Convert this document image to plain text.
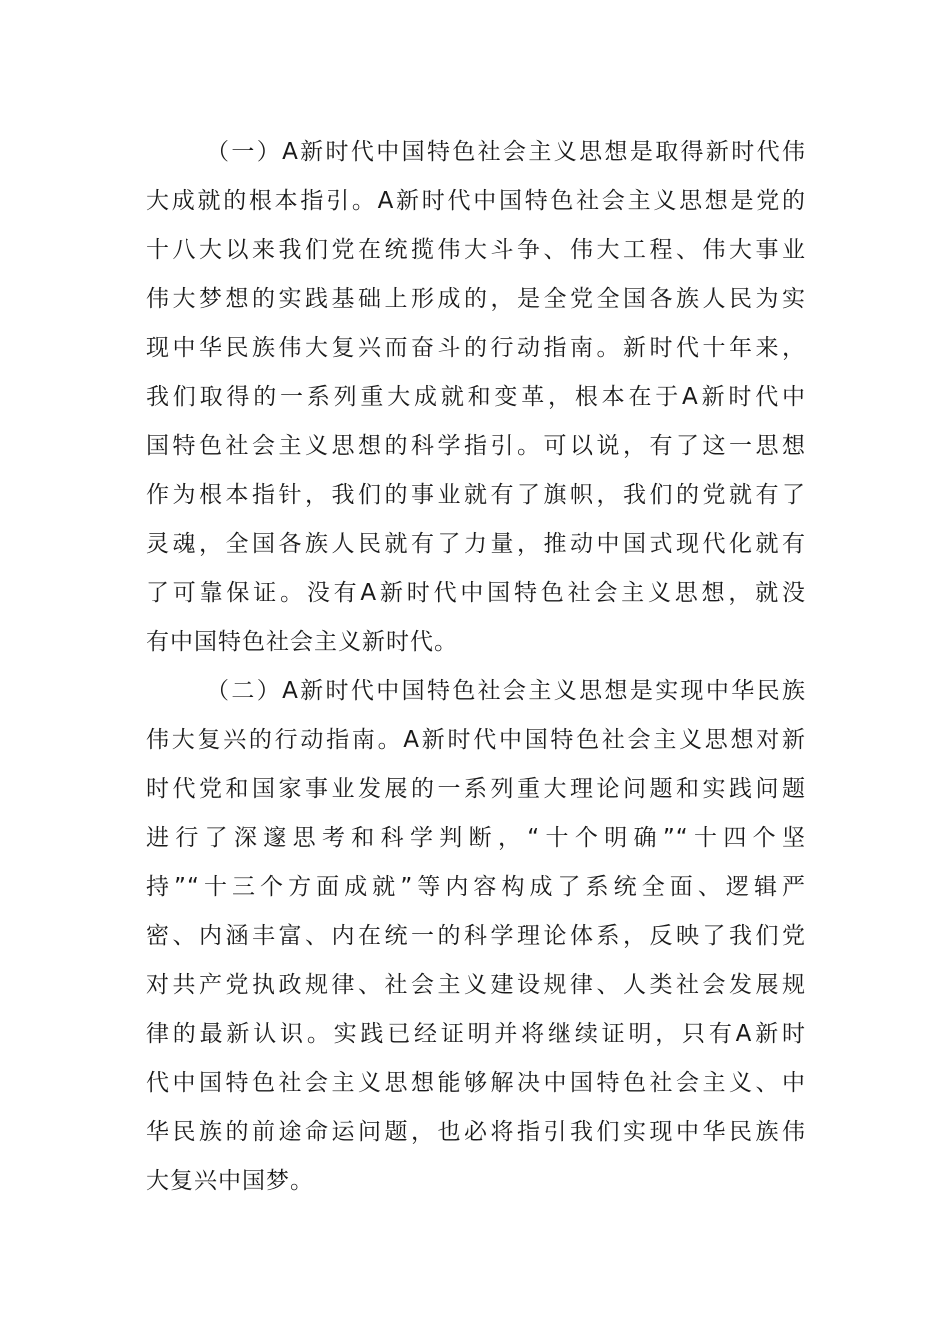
（一）A新时代中国特色社会主义思想是取得新时代伟
大成就的根本指引。A新时代中国特色社会主义思想是党的
十八大以来我们党在统揽伟大斗争、伟大工程、伟大事业
伟大梦想的实践基础上形成的，是全党全国各族人民为实
现中华民族伟大复兴而奋斗的行动指南。新时代十年来，
我们取得的一系列重大成就和变革，根本在于A新时代中
国特色社会主义思想的科学指引。可以说，有了这一思想
作为根本指针，我们的事业就有了旗帜，我们的党就有了
灵魂，全国各族人民就有了力量，推动中国式现代化就有
了可靠保证。没有A新时代中国特色社会主义思想，就没
有中国特色社会主义新时代。
（二）A新时代中国特色社会主义思想是实现中华民族
伟大复兴的行动指南。A新时代中国特色社会主义思想对新
时代党和国家事业发展的一系列重大理论问题和实践问题
进行了深邃思考和科学判断，“十个明确”“十四个坚
持”“十三个方面成就”等内容构成了系统全面、逻辑严
密、内涵丰富、内在统一的科学理论体系，反映了我们党
对共产党执政规律、社会主义建设规律、人类社会发展规
律的最新认识。实践已经证明并将继续证明，只有A新时
代中国特色社会主义思想能够解决中国特色社会主义、中
华民族的前途命运问题，也必将指引我们实现中华民族伟
大复兴中国梦。
